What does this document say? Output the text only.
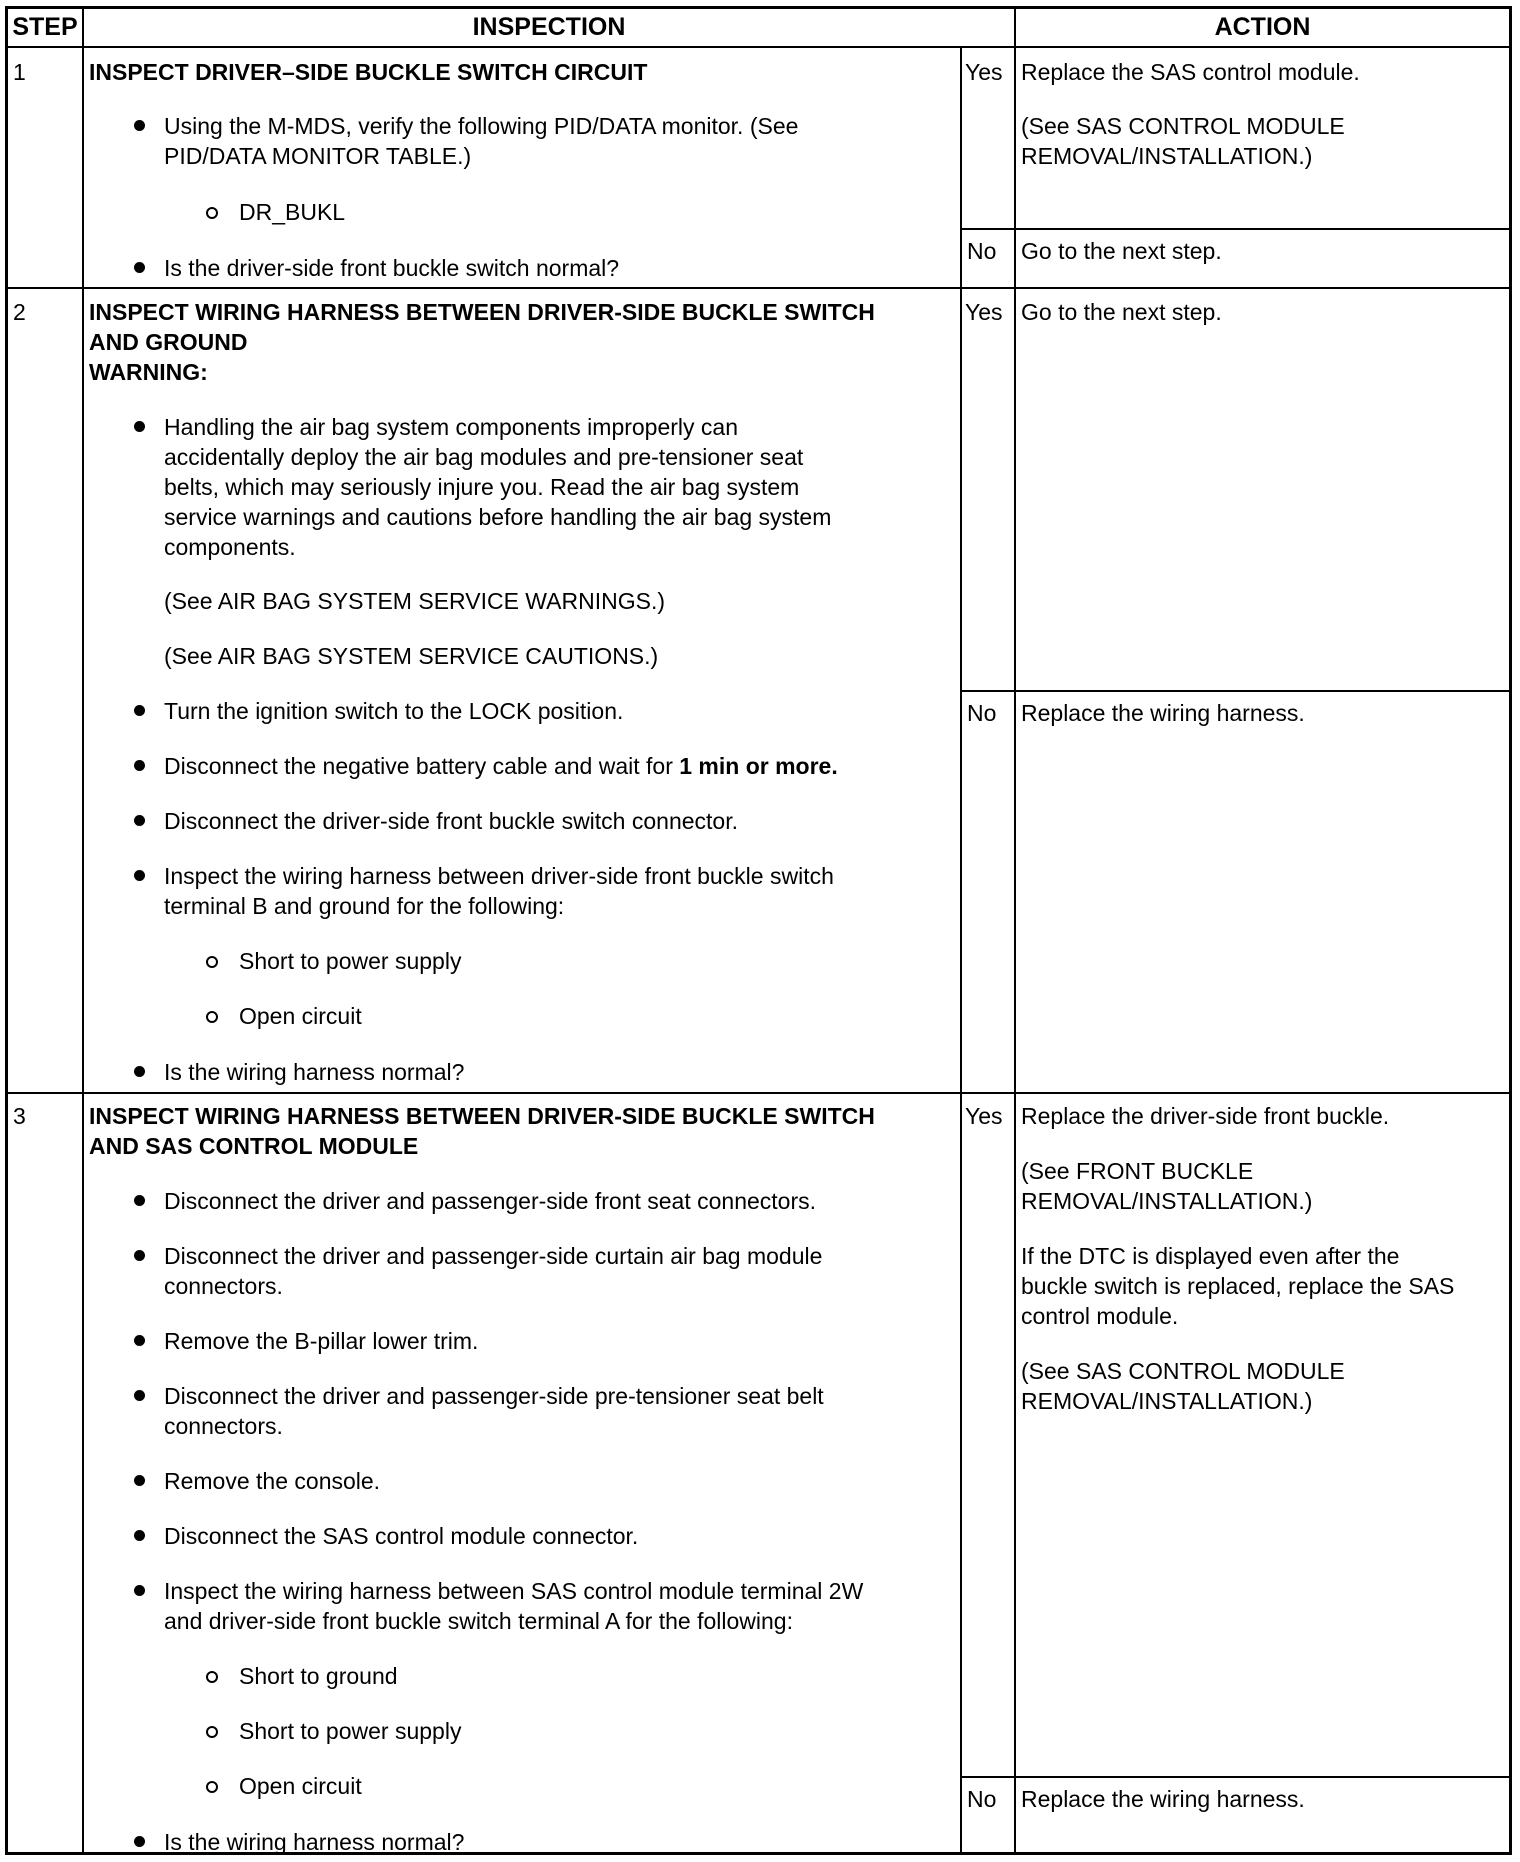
STEP	INSPECTION	ACTION
1	INSPECT DRIVER–SIDE BUCKLE SWITCH CIRCUIT
Using the M-MDS, verify the following PID/DATA monitor. (See
PID/DATA MONITOR TABLE.)
DR_BUKL
Is the driver-side front buckle switch normal?
Yes Replace the SAS control module.
(See SAS CONTROL MODULE
REMOVAL/INSTALLATION.)
No Go to the next step.
2	INSPECT WIRING HARNESS BETWEEN DRIVER-SIDE BUCKLE SWITCH
AND GROUND
WARNING:
Handling the air bag system components improperly can
accidentally deploy the air bag modules and pre-tensioner seat
belts, which may seriously injure you. Read the air bag system
service warnings and cautions before handling the air bag system
components.
(See AIR BAG SYSTEM SERVICE WARNINGS.)
(See AIR BAG SYSTEM SERVICE CAUTIONS.)
Turn the ignition switch to the LOCK position.
Disconnect the negative battery cable and wait for 1 min or more.
Disconnect the driver-side front buckle switch connector.
Inspect the wiring harness between driver-side front buckle switch
terminal B and ground for the following:
Short to power supply
Open circuit
Is the wiring harness normal?
Yes Go to the next step.
No Replace the wiring harness.
3	INSPECT WIRING HARNESS BETWEEN DRIVER-SIDE BUCKLE SWITCH
AND SAS CONTROL MODULE
Disconnect the driver and passenger-side front seat connectors.
Disconnect the driver and passenger-side curtain air bag module
connectors.
Remove the B-pillar lower trim.
Disconnect the driver and passenger-side pre-tensioner seat belt
connectors.
Remove the console.
Disconnect the SAS control module connector.
Inspect the wiring harness between SAS control module terminal 2W
and driver-side front buckle switch terminal A for the following:
Short to ground
Short to power supply
Open circuit
Is the wiring harness normal?
Yes Replace the driver-side front buckle.
(See FRONT BUCKLE
REMOVAL/INSTALLATION.)
If the DTC is displayed even after the
buckle switch is replaced, replace the SAS
control module.
(See SAS CONTROL MODULE
REMOVAL/INSTALLATION.)
No Replace the wiring harness.
